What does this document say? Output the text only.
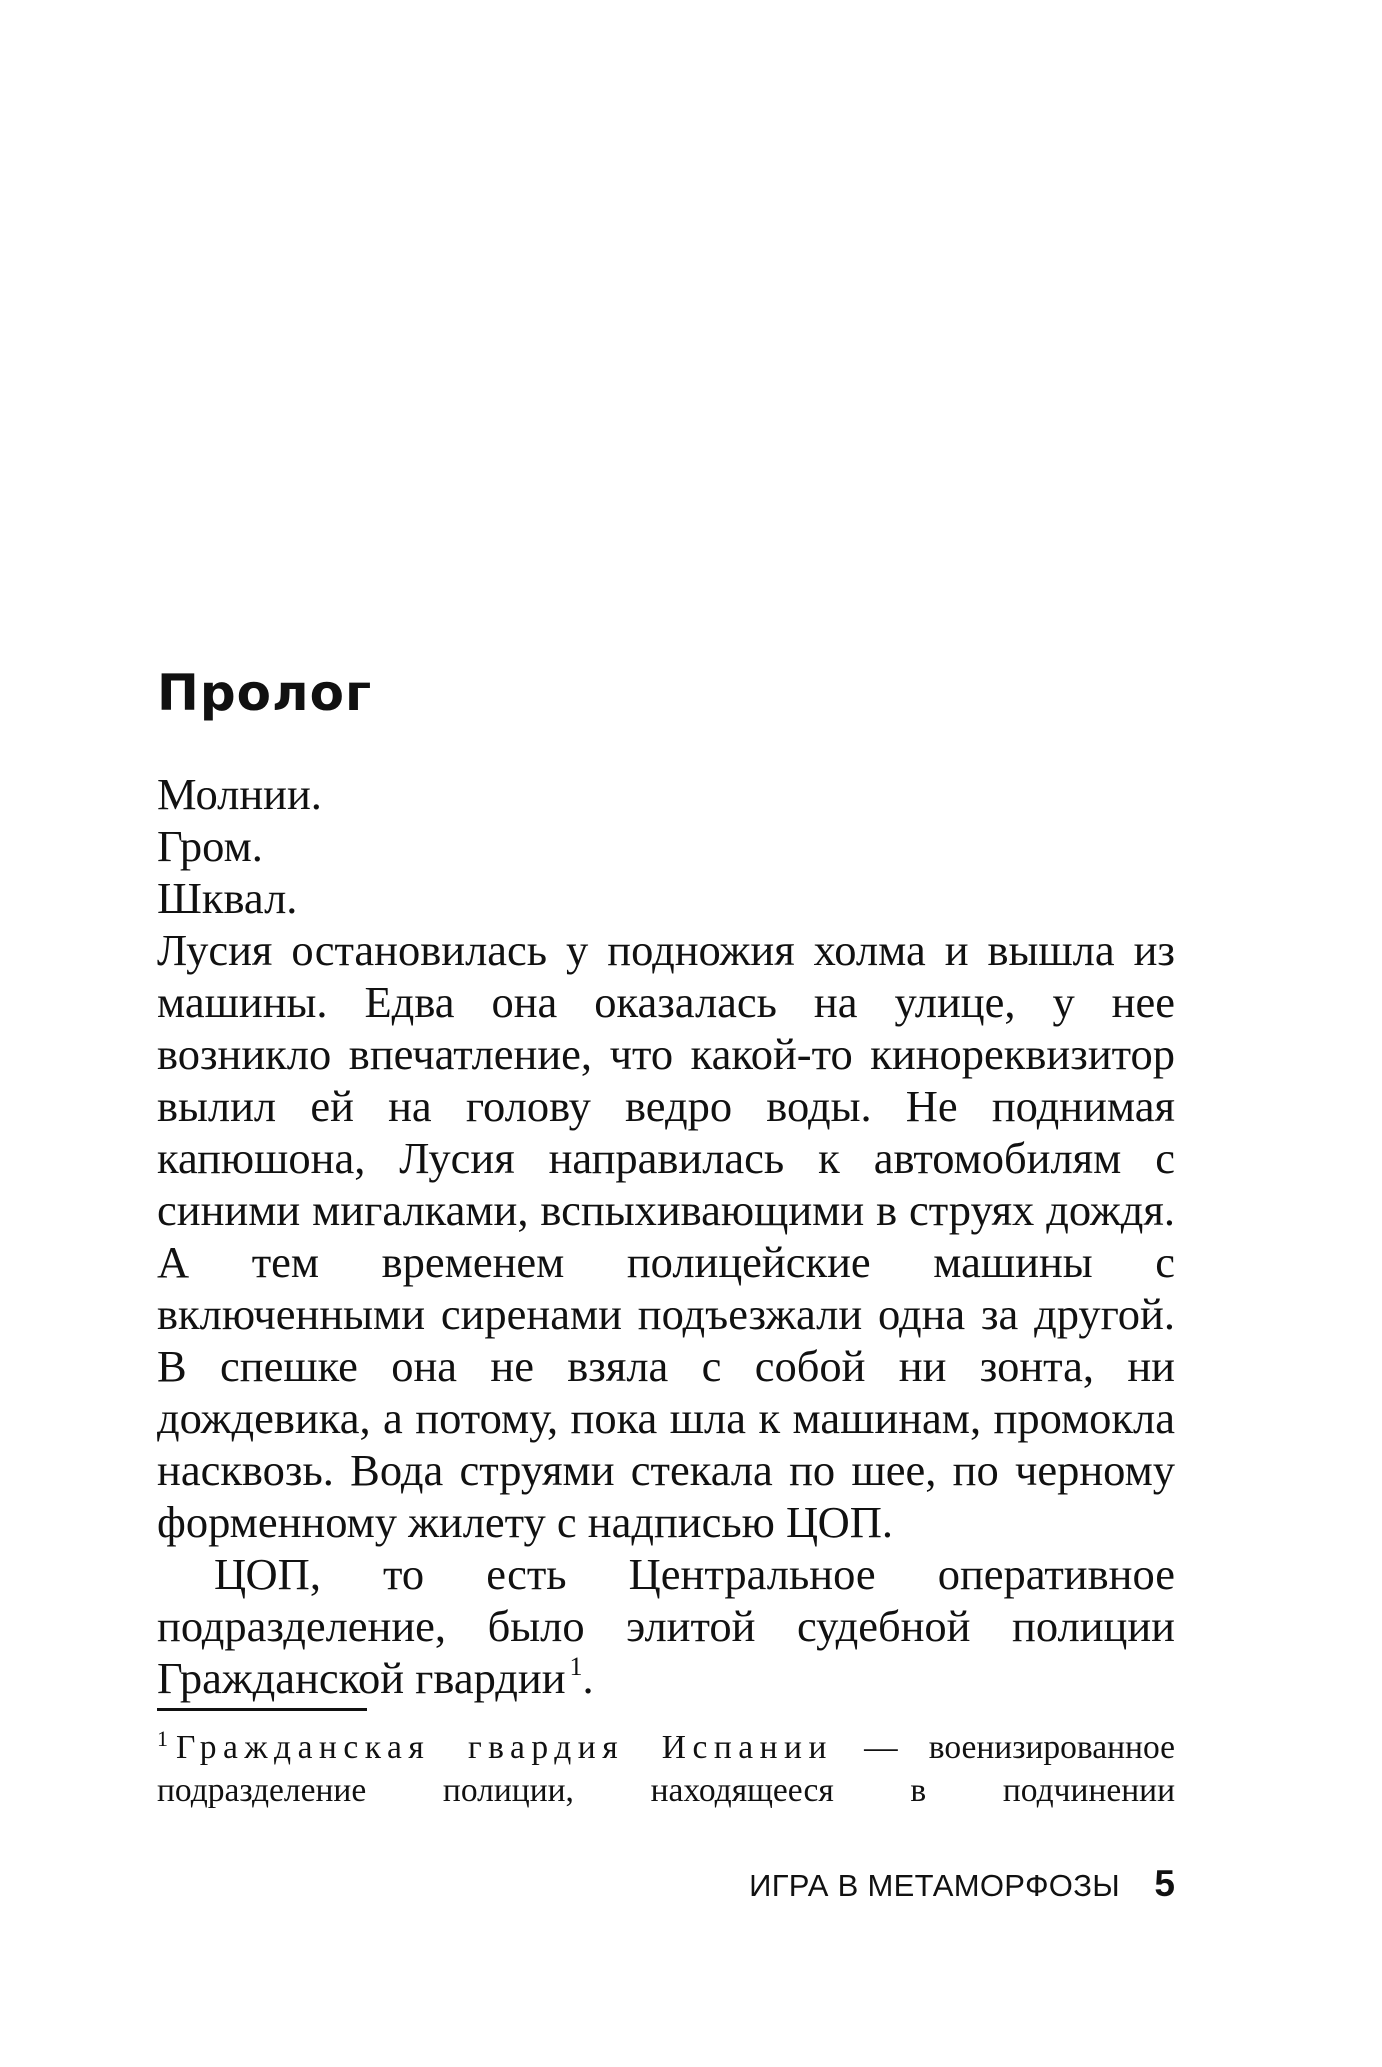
Пролог

Молнии.

Гром.

Шквал.

Лусия остановилась у подножия холма и вышла из машины. Едва она оказалась на улице, у нее возникло впечатление, что какой-то кинореквизитор вылил ей на голову ведро воды. Не поднимая капюшона, Лусия направилась к автомобилям с синими мигалками, вспыхивающими в струях дождя. А тем временем полицейские машины с включенными сиренами подъезжали одна за другой. В спешке она не взяла с собой ни зонта, ни дождевика, а потому, пока шла к машинам, промокла насквозь. Вода струями стекала по шее, по черному форменному жилету с надписью ЦОП.

ЦОП, то есть Центральное оперативное подразделение, было элитой судебной полиции Гражданской гвардии $^1$.

$^1$ Гражданская гвардия Испании — военизированное подразделение полиции, находящееся в подчинении

ИГРА В МЕТАМОРФОЗЫ 5
